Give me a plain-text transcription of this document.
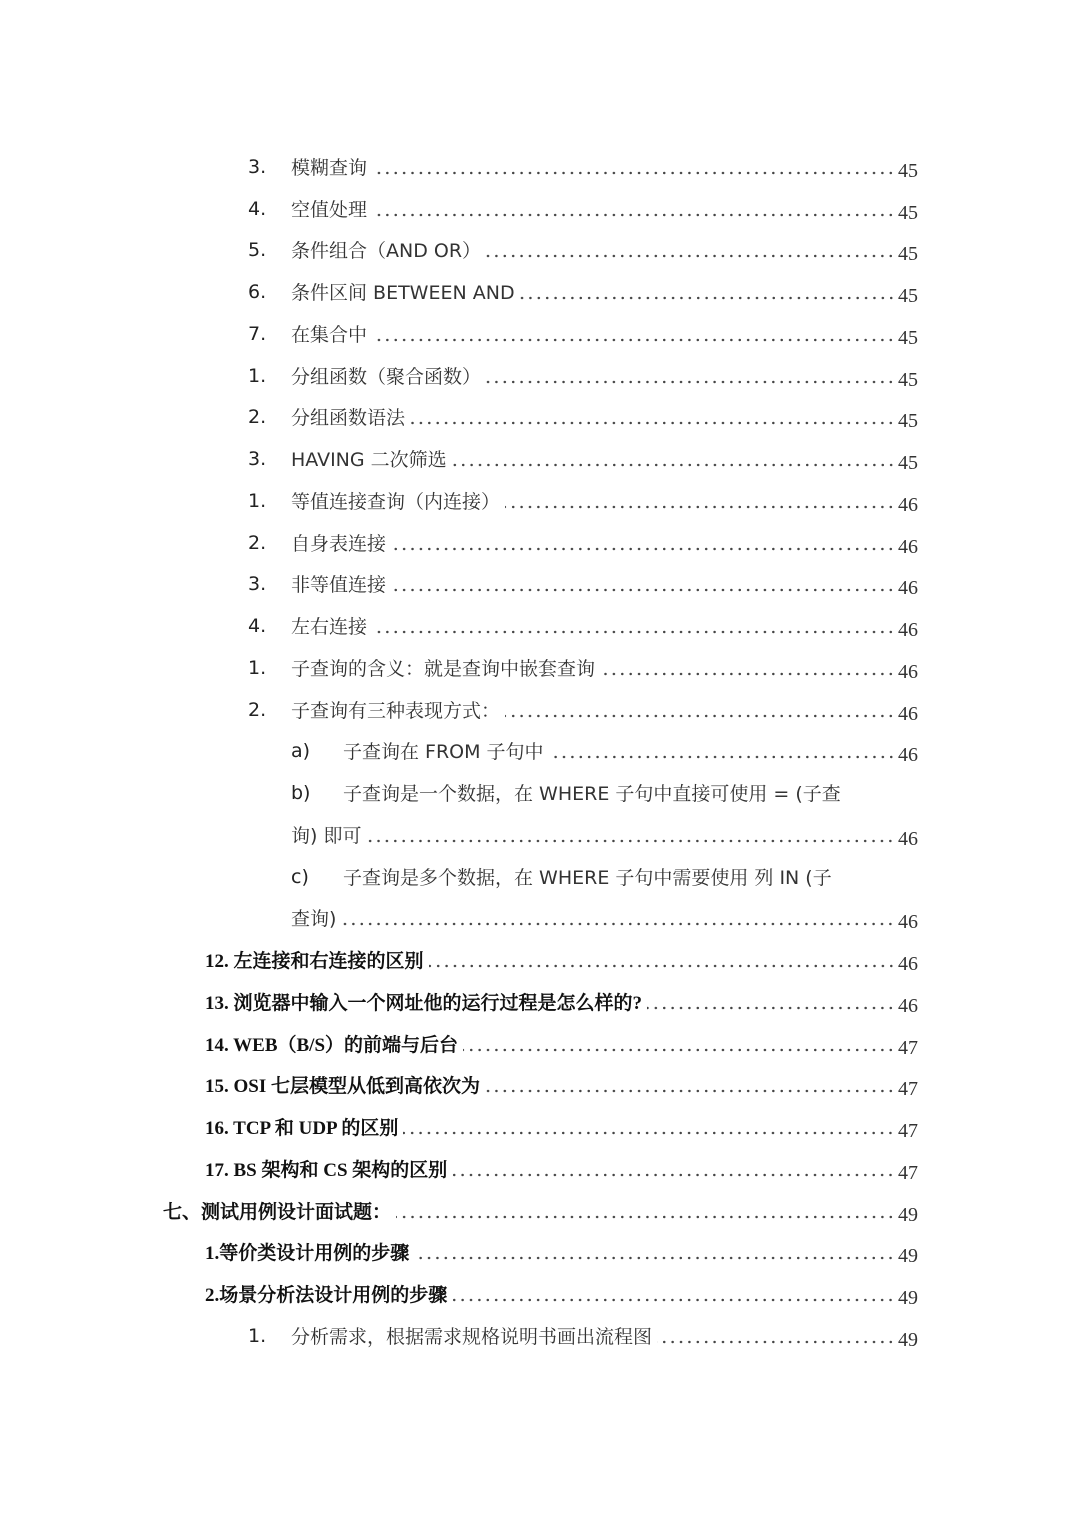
3. 模糊查询	45
4. 空值处理	45
5. 条件组合（AND OR）	45
6. 条件区间 BETWEEN AND	45
7. 在集合中	45
1. 分组函数（聚合函数）	45
2. 分组函数语法	45
3. HAVING 二次筛选	45
1. 等值连接查询（内连接）	46
2. 自身表连接	46
3. 非等值连接	46
4. 左右连接	46
1. 子查询的含义：就是查询中嵌套查询	46
2. 子查询有三种表现方式：	46
a) 子查询在 FROM 子句中	46
b) 子查询是一个数据，在 WHERE 子句中直接可使用 = (子查
询) 即可	46
c) 子查询是多个数据，在 WHERE 子句中需要使用 列 IN (子
查询)	46
12. 左连接和右连接的区别	46
13. 浏览器中输入一个网址他的运行过程是怎么样的?	46
14. WEB（B/S）的前端与后台	47
15. OSI 七层模型从低到高依次为	47
16. TCP 和 UDP 的区别	47
17. BS 架构和 CS 架构的区别	47
七、测试用例设计面试题：	49
1.等价类设计用例的步骤	49
2.场景分析法设计用例的步骤	49
1. 分析需求，根据需求规格说明书画出流程图	49
